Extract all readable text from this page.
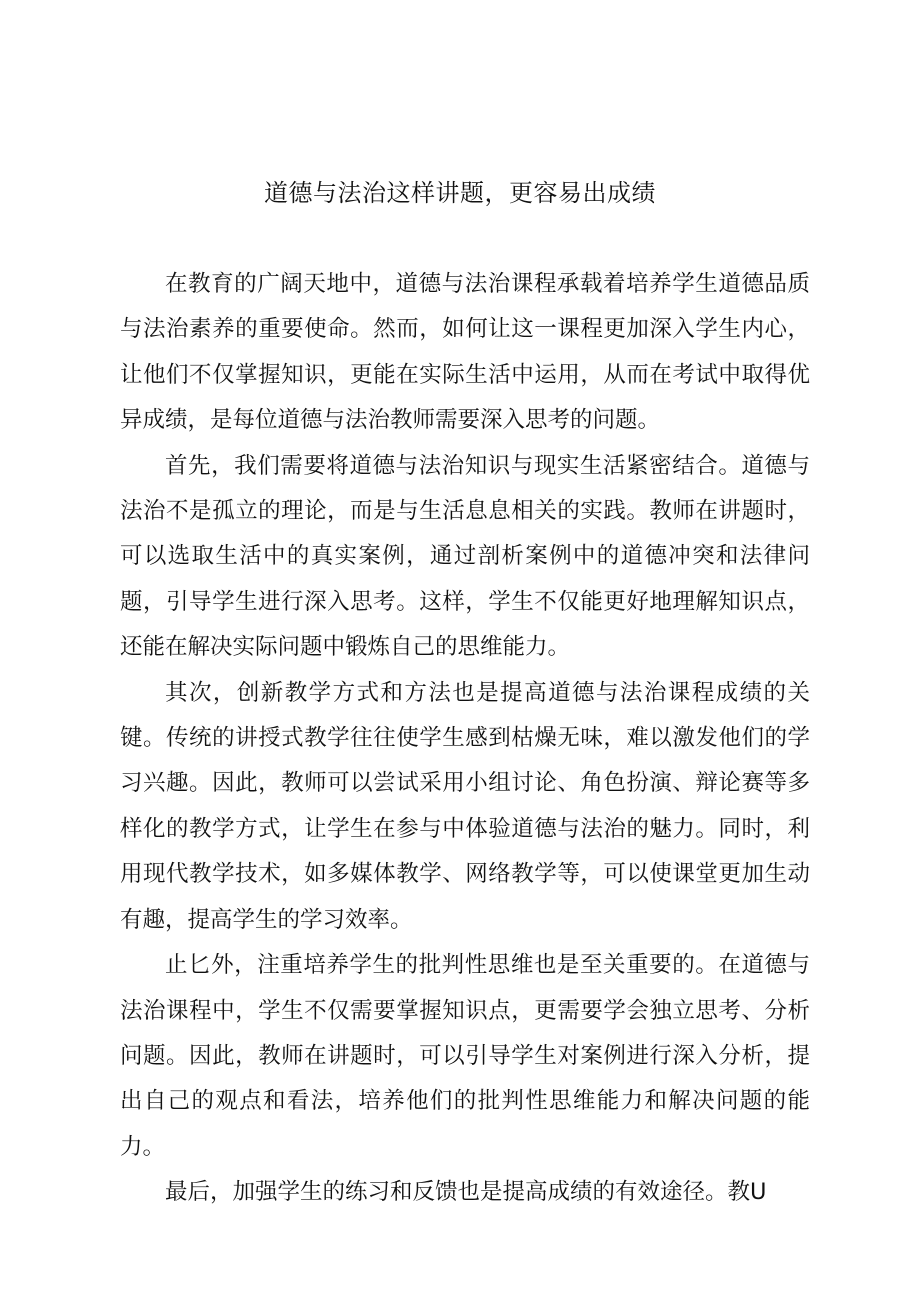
道德与法治这样讲题，更容易出成绩

在教育的广阔天地中，道德与法治课程承载着培养学生道德品质与法治素养的重要使命。然而，如何让这一课程更加深入学生内心，让他们不仅掌握知识，更能在实际生活中运用，从而在考试中取得优异成绩，是每位道德与法治教师需要深入思考的问题。

首先，我们需要将道德与法治知识与现实生活紧密结合。道德与法治不是孤立的理论，而是与生活息息相关的实践。教师在讲题时，可以选取生活中的真实案例，通过剖析案例中的道德冲突和法律问题，引导学生进行深入思考。这样，学生不仅能更好地理解知识点，还能在解决实际问题中锻炼自己的思维能力。

其次，创新教学方式和方法也是提高道德与法治课程成绩的关键。传统的讲授式教学往往使学生感到枯燥无味，难以激发他们的学习兴趣。因此，教师可以尝试采用小组讨论、角色扮演、辩论赛等多样化的教学方式，让学生在参与中体验道德与法治的魅力。同时，利用现代教学技术，如多媒体教学、网络教学等，可以使课堂更加生动有趣，提高学生的学习效率。

止匕外，注重培养学生的批判性思维也是至关重要的。在道德与法治课程中，学生不仅需要掌握知识点，更需要学会独立思考、分析问题。因此，教师在讲题时，可以引导学生对案例进行深入分析，提出自己的观点和看法，培养他们的批判性思维能力和解决问题的能力。

最后，加强学生的练习和反馈也是提高成绩的有效途径。教U
